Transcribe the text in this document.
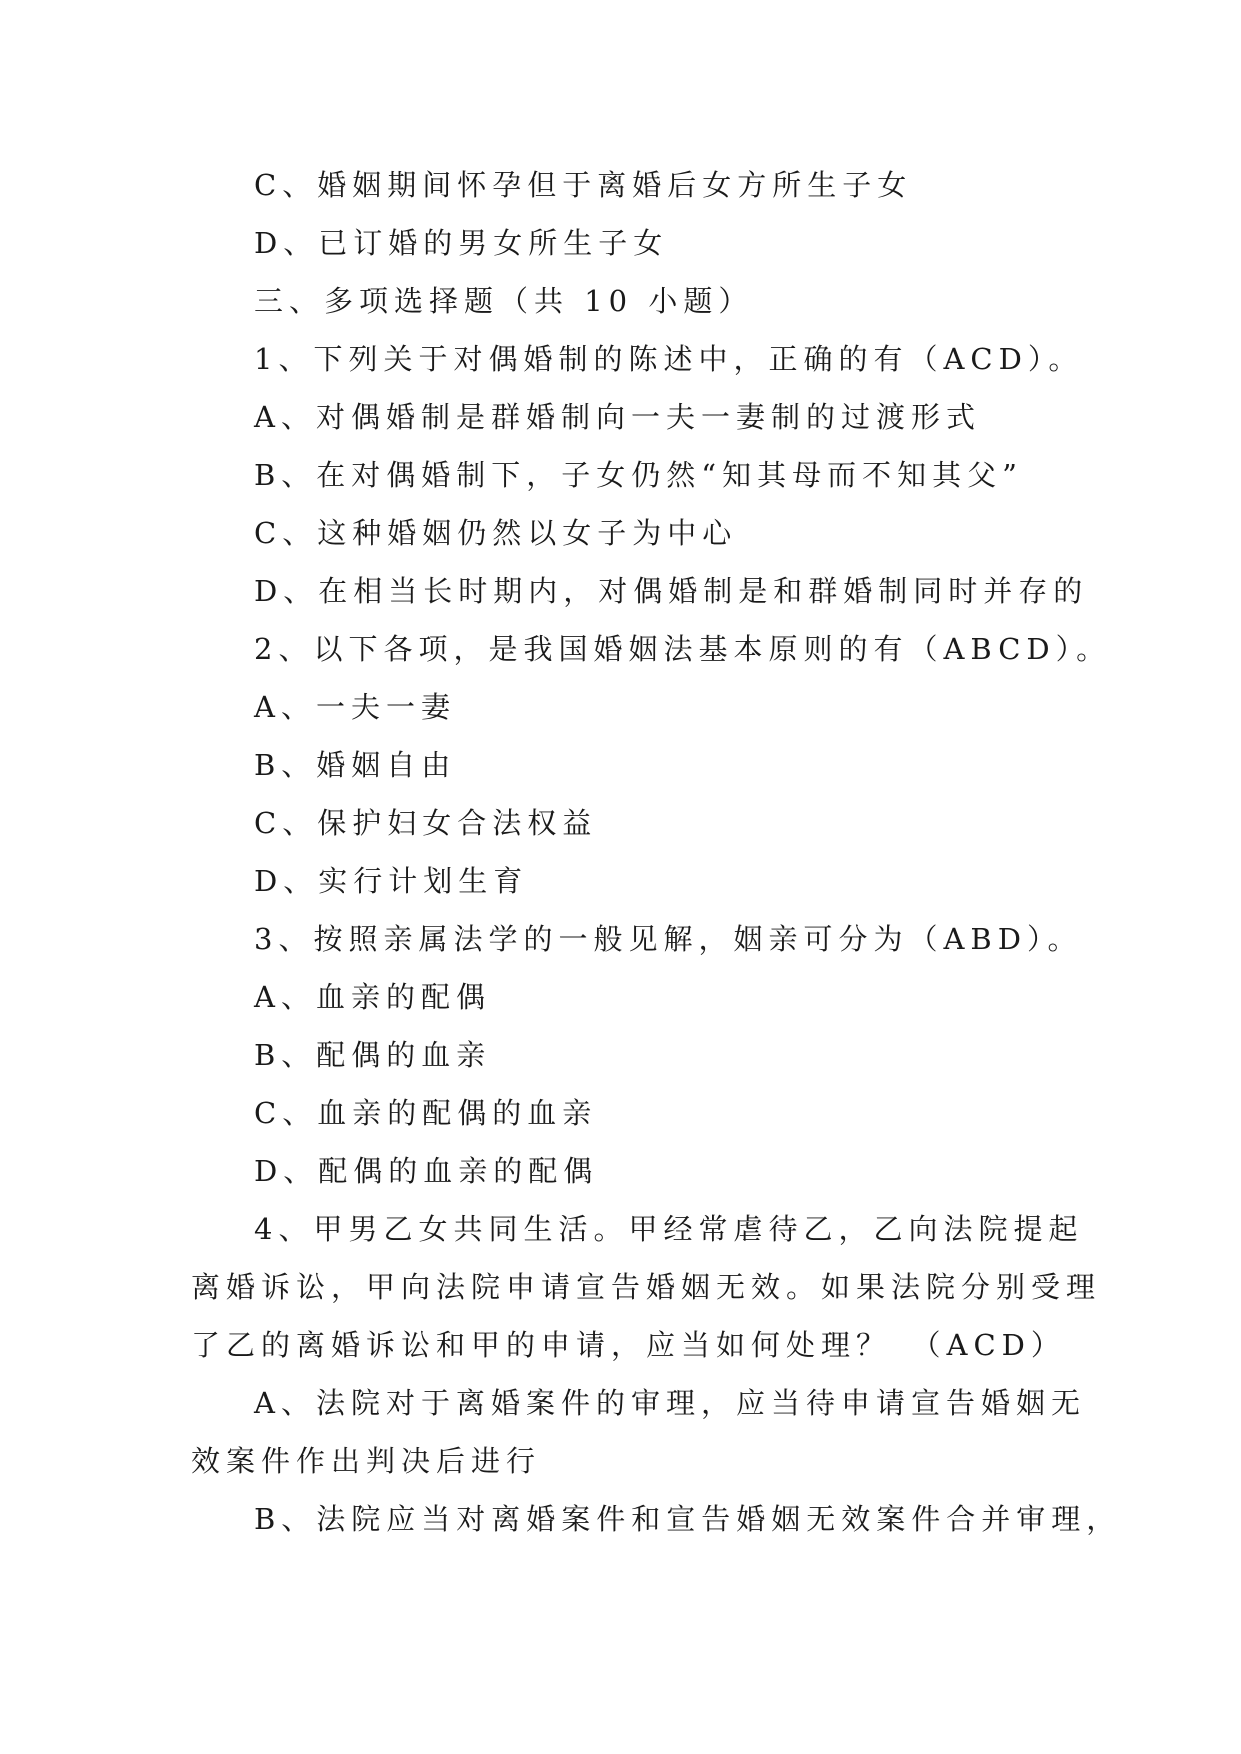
C、婚姻期间怀孕但于离婚后女方所生子女
D、已订婚的男女所生子女
三、多项选择题（共 10 小题）
1、下列关于对偶婚制的陈述中，正确的有（ACD）。
A、对偶婚制是群婚制向一夫一妻制的过渡形式
B、在对偶婚制下，子女仍然“知其母而不知其父”
C、这种婚姻仍然以女子为中心
D、在相当长时期内，对偶婚制是和群婚制同时并存的
2、以下各项，是我国婚姻法基本原则的有（ABCD）。
A、一夫一妻
B、婚姻自由
C、保护妇女合法权益
D、实行计划生育
3、按照亲属法学的一般见解，姻亲可分为（ABD）。
A、血亲的配偶
B、配偶的血亲
C、血亲的配偶的血亲
D、配偶的血亲的配偶
4、甲男乙女共同生活。甲经常虐待乙，乙向法院提起
离婚诉讼，甲向法院申请宣告婚姻无效。如果法院分别受理
了乙的离婚诉讼和甲的申请，应当如何处理？　（ACD）
A、法院对于离婚案件的审理，应当待申请宣告婚姻无
效案件作出判决后进行
B、法院应当对离婚案件和宣告婚姻无效案件合并审理，
